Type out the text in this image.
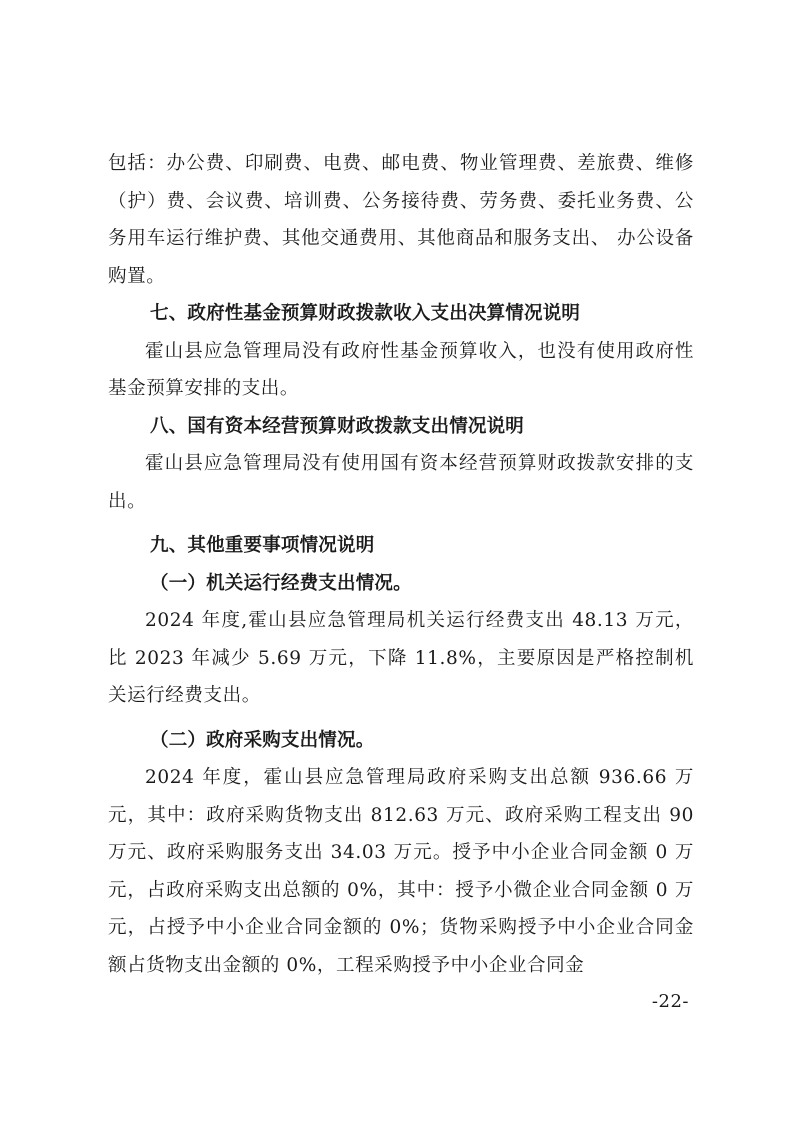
包括：办公费、印刷费、电费、邮电费、物业管理费、差旅费、维修（护）费、会议费、培训费、公务接待费、劳务费、委托业务费、公务用车运行维护费、其他交通费用、其他商品和服务支出、 办公设备购置。

七、政府性基金预算财政拨款收入支出决算情况说明

霍山县应急管理局没有政府性基金预算收入，也没有使用政府性基金预算安排的支出。

八、国有资本经营预算财政拨款支出情况说明

霍山县应急管理局没有使用国有资本经营预算财政拨款安排的支出。

九、其他重要事项情况说明

（一）机关运行经费支出情况。

2024 年度,霍山县应急管理局机关运行经费支出 48.13 万元，比 2023 年减少 5.69 万元，下降 11.8%，主要原因是严格控制机关运行经费支出。

（二）政府采购支出情况。

2024 年度，霍山县应急管理局政府采购支出总额 936.66 万元，其中：政府采购货物支出 812.63 万元、政府采购工程支出 90 万元、政府采购服务支出 34.03 万元。授予中小企业合同金额 0 万元，占政府采购支出总额的 0%，其中：授予小微企业合同金额 0 万元，占授予中小企业合同金额的 0%；货物采购授予中小企业合同金额占货物支出金额的 0%，工程采购授予中小企业合同金

-22-
